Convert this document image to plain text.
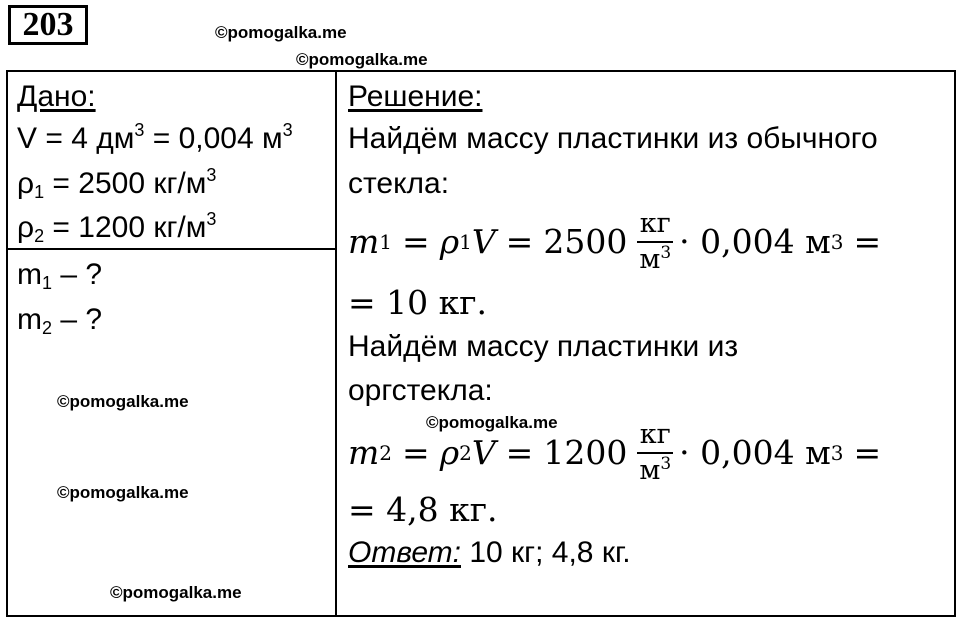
203	©pomogalka.me
©pomogalka.me
©pomogalka.me
©pomogalka.me
©pomogalka.me
©pomogalka.me
Дано:
V = 4 $дм^3 = 0,004$ $м^3$
$\rho_1 = 2500$ $кг/м^3$
$\rho_2 = 1200$ $кг/м^3$
$m_1$ – ?
$m_2$ – ?
Решение:
Найдём массу пластинки из обычного
стекла:
m 1 = ρ 1 $V = 2500 \frac{кг}{м^3} \cdot 0,004$ м 3 =
= 10 кг.
Найдём массу пластинки из
оргстекла:
m 2 = ρ 2 $V = 1200 \frac{кг}{м^3} \cdot 0,004$ м 3 =
= 4,8 кг.
Ответ: 10 кг; 4,8 кг.
